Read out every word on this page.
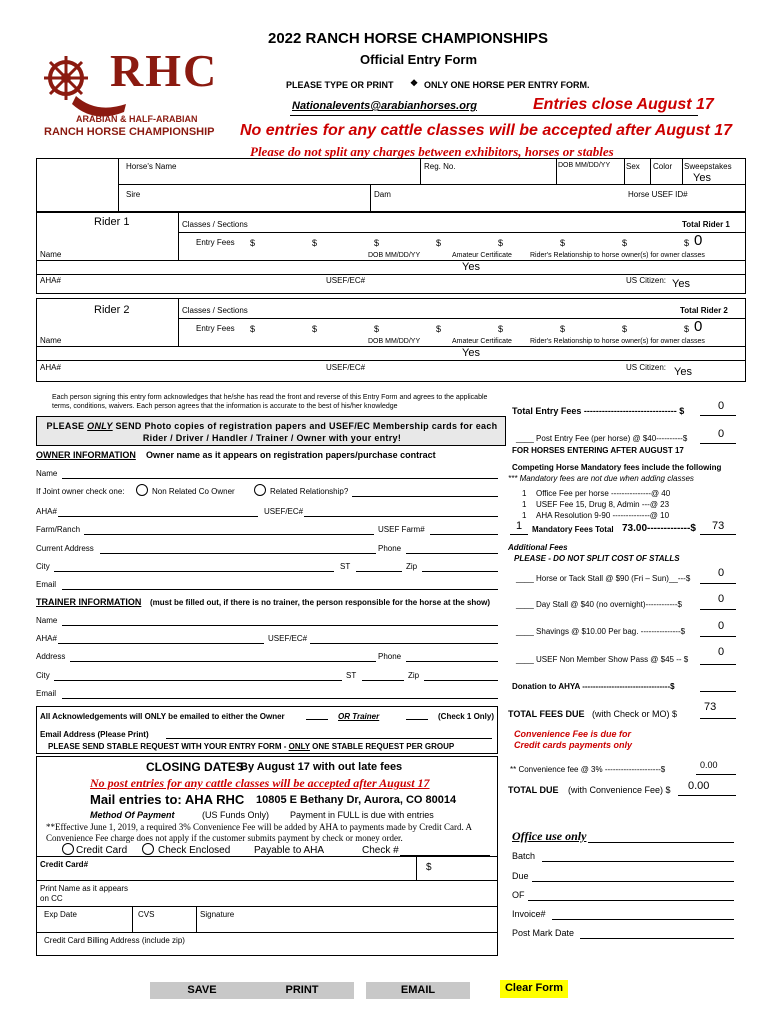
2022 RANCH HORSE CHAMPIONSHIPS
Official Entry Form
PLEASE TYPE OR PRINT ❖ ONLY ONE HORSE PER ENTRY FORM.
Nationalevents@arabianhorses.org	Entries close August 17
No entries for any cattle classes will be accepted after August 17
Please do not split any charges between exhibitors, horses or stables
RHC
ARABIAN & HALF-ARABIAN
RANCH HORSE CHAMPIONSHIP
Horse's Name	Reg. No.	DOB MM/DD/YY Sex Color Sweepstakes
Yes
Sire	Dam	Horse USEF ID#
Rider 1	Classes / Sections	Total Rider 1
Entry Fees $	$	$	$	$	$	$	$ 0
Name	DOB MM/DD/YY	Amateur Certificate	Rider's Relationship to horse owner(s) for owner classes
Yes
AHA#	USEF/EC#	US Citizen: Yes
Rider 2	Classes / Sections	Total Rider 2
Entry Fees $	$	$	$	$	$	$	$ 0
Name	DOB MM/DD/YY	Amateur Certificate	Rider's Relationship to horse owner(s) for owner classes
Yes
AHA#	USEF/EC#	US Citizen: Yes
Each person signing this entry form acknowledges that he/she has read the front and reverse of this Entry Form and agrees to the applicable terms, conditions, waivers. Each person agrees that the information is accurate to the best of his/her knowledge
PLEASE ONLY SEND Photo copies of registration papers and USEF/EC Membership cards for each Rider / Driver / Handler / Trainer / Owner with your entry!
OWNER INFORMATION Owner name as it appears on registration papers/purchase contract
Name
If Joint owner check one:	Non Related Co Owner	Related Relationship?
AHA#	USEF/EC#
Farm/Ranch	USEF Farm#
Current Address	Phone
City	ST	Zip
Email
TRAINER INFORMATION (must be filled out, if there is no trainer, the person responsible for the horse at the show)
Name
AHA#	USEF/EC#
Address	Phone
City	ST	Zip
Email
All Acknowledgements will ONLY be emailed to either the Owner	OR Trainer	(Check 1 Only)
Email Address (Please Print)
PLEASE SEND STABLE REQUEST WITH YOUR ENTRY FORM - ONLY ONE STABLE REQUEST PER GROUP
CLOSING DATES
By August 17 with out late fees
No post entries for any cattle classes will be accepted after August 17
Mail entries to: AHA RHC 10805 E Bethany Dr, Aurora, CO 80014
Method Of Payment	(US Funds Only) Payment in FULL is due with entries
**Effective June 1, 2019, a required 3% Convenience Fee will be added by AHA to payments made by Credit Card. A Convenience Fee charge does not apply if the customer submits payment by check or money order.
Credit Card	Check Enclosed Payable to AHA	Check #
Credit Card#	$
Print Name as it appears on CC
Exp Date	CVS	Signature
Credit Card Billing Address (include zip)
Total Entry Fees ------------------------------- $	0
____ Post Entry Fee (per horse) @ $40----------$	0
FOR HORSES ENTERING AFTER AUGUST 17
Competing Horse Mandatory fees include the following
*** Mandatory fees are not due when adding classes
1 Office Fee per horse ---------------@ 40
1 USEF Fee 15, Drug 8, Admin ---@ 23
1 AHA Resolution 9-90 --------------@ 10
1 Mandatory Fees Total 73.00-------------$ 73
Additional Fees
PLEASE - DO NOT SPLIT COST OF STALLS
____ Horse or Tack Stall @ $90 (Fri – Sun)__---$	0
____ Day Stall @ $40 (no overnight)------------$	0
____ Shavings @ $10.00 Per bag. ---------------$	0
____ USEF Non Member Show Pass @ $45 -- $
0
Donation to AHYA ---------------------------------$
TOTAL FEES DUE (with Check or MO) $
73
Convenience Fee is due for
Credit cards payments only
** Convenience fee @ 3% ---------------------$	0.00
TOTAL DUE (with Convenience Fee) $ 0.00
Office use only
Batch
Due
OF
Invoice#
Post Mark Date
SAVE	PRINT	EMAIL	Clear Form
